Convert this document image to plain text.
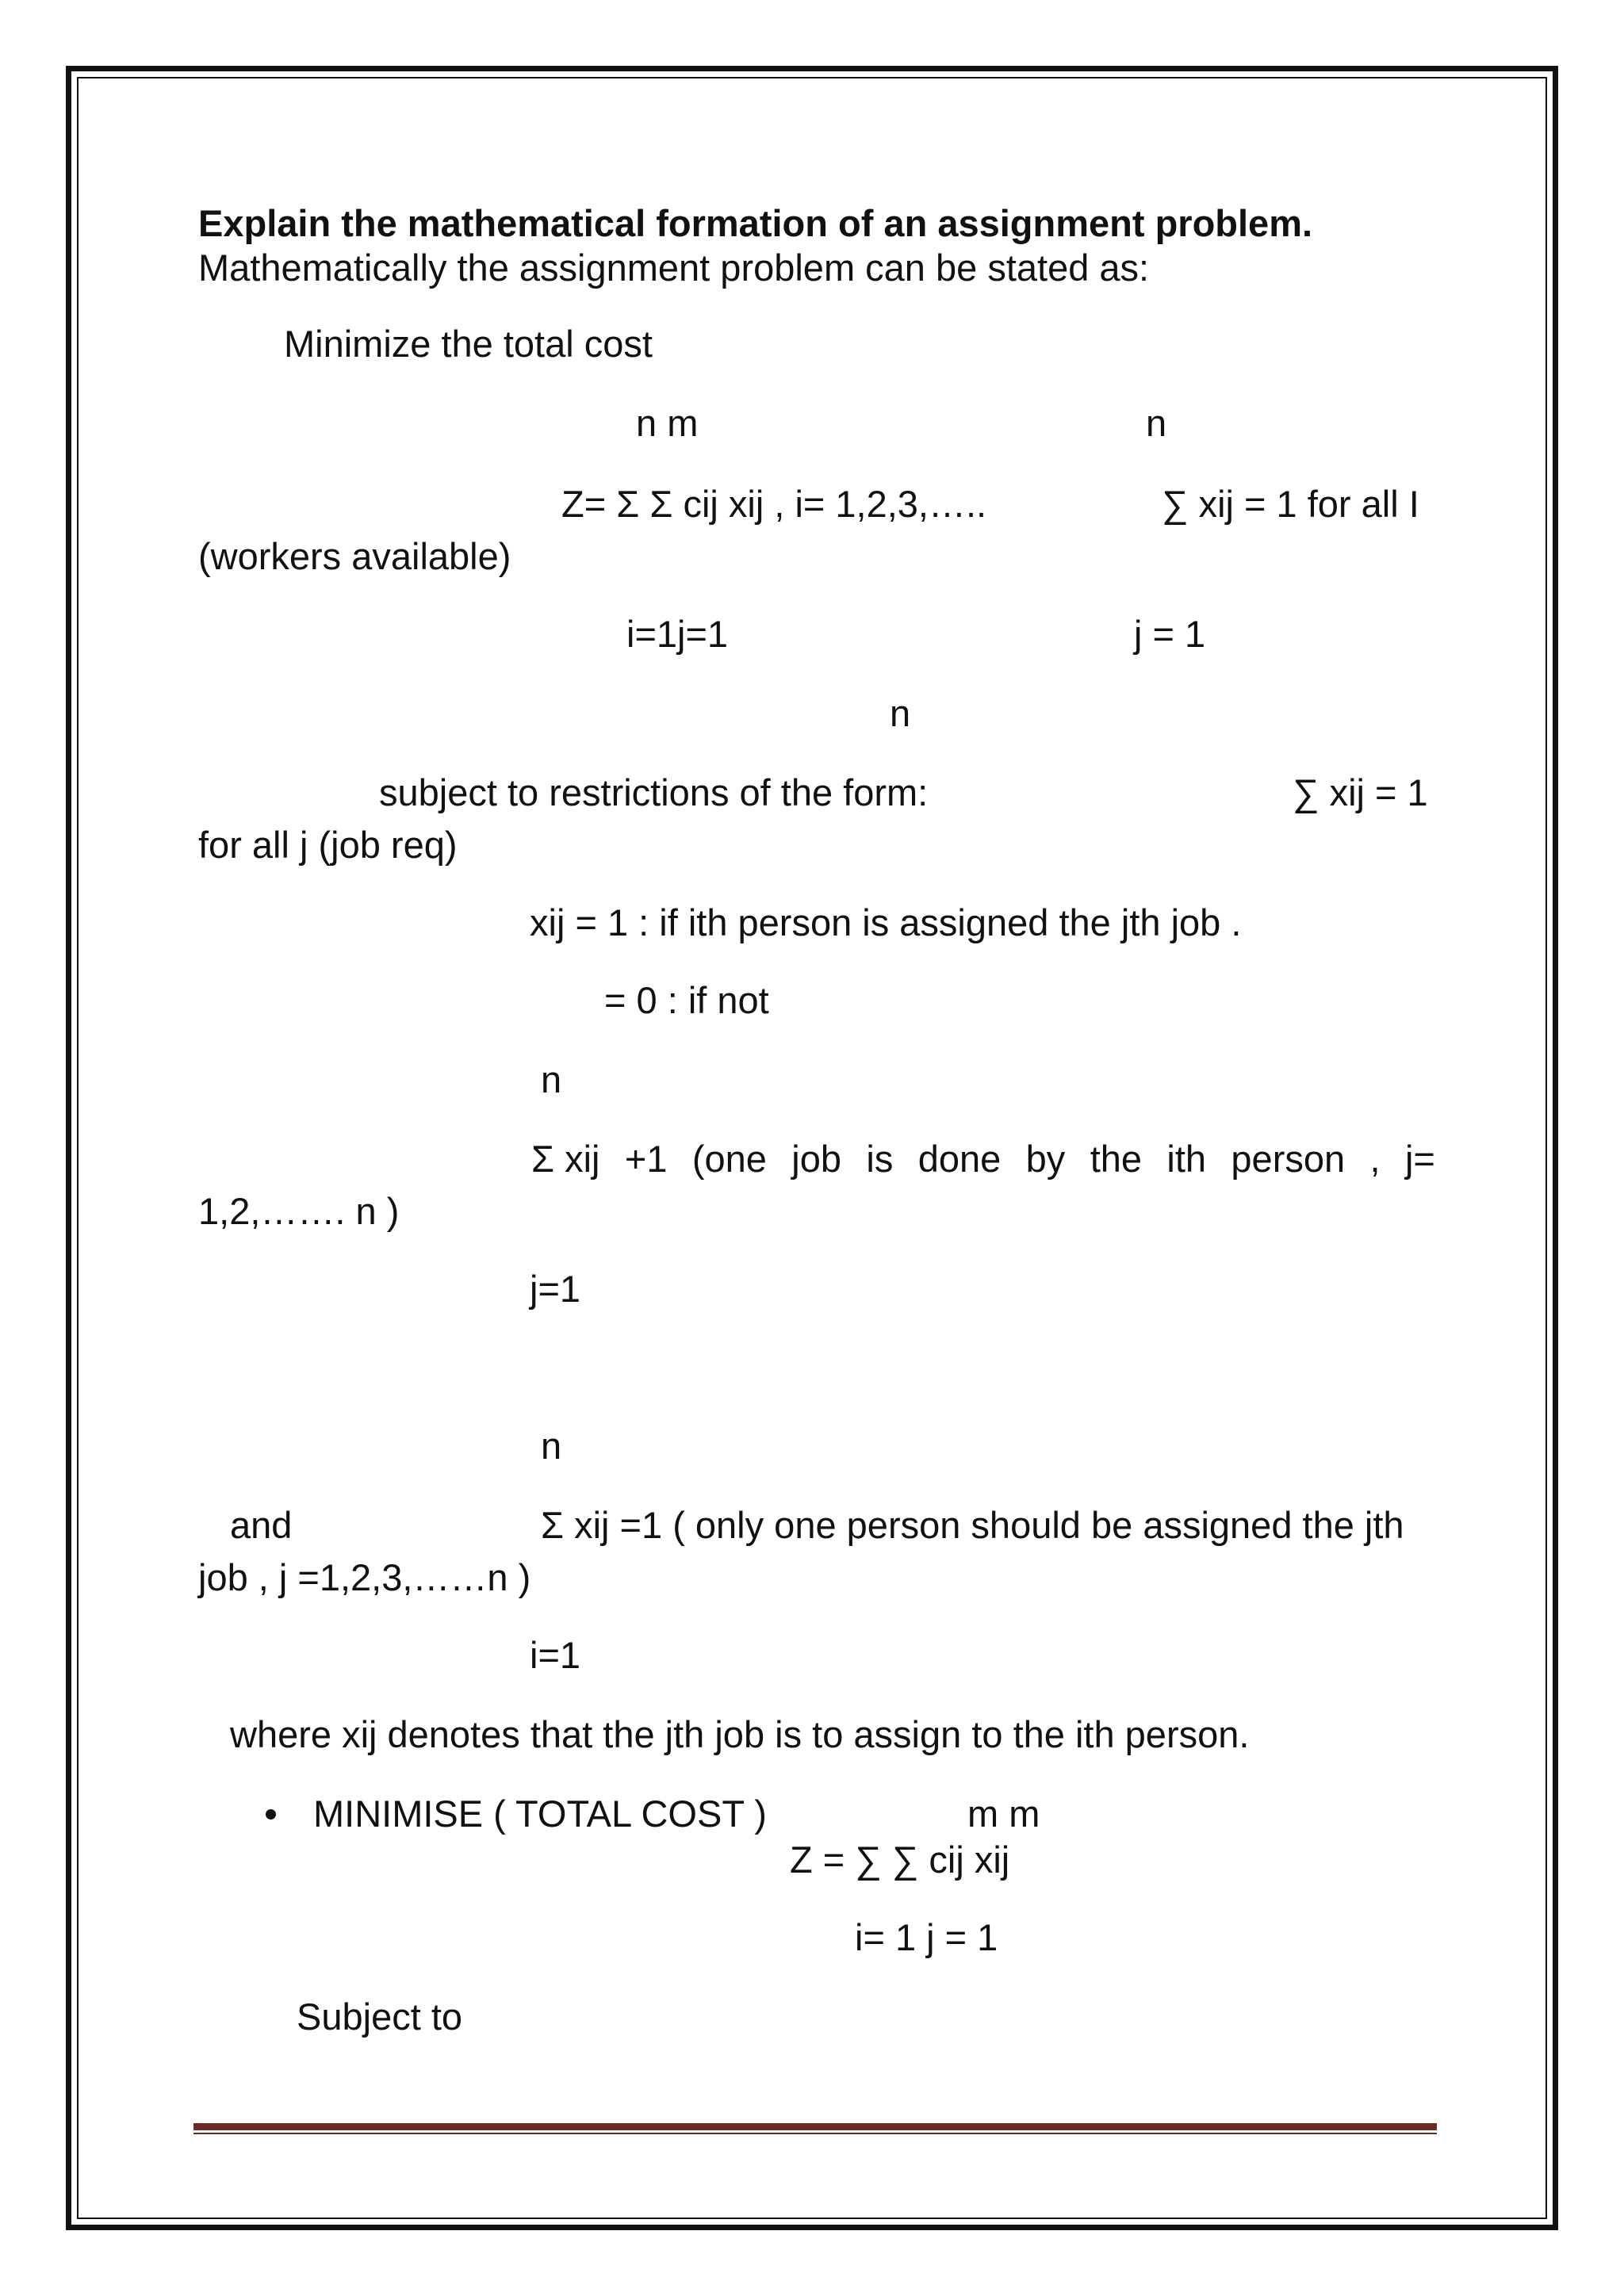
Explain the mathematical formation of an assignment problem.
Mathematically the assignment problem can be stated as:
Minimize the total cost
n m	n
Z= Σ Σ cij xij , i= 1,2,3,…..	∑ xij = 1 for all I
(workers available)
i=1j=1	j = 1
n
subject to restrictions of the form:	∑ xij = 1
for all j (job req)
xij = 1 : if ith person is assigned the jth job .
= 0 : if not
n
Σ xij +1 (one job is done by the ith person , j=
1,2,……. n )
j=1
n
and	Σ xij =1 ( only one person should be assigned the jth
job , j =1,2,3,……n )
i=1
where xij denotes that the jth job is to assign to the ith person.
MINIMISE ( TOTAL COST )	m m
Z = ∑ ∑ cij xij
i= 1 j = 1
Subject to
